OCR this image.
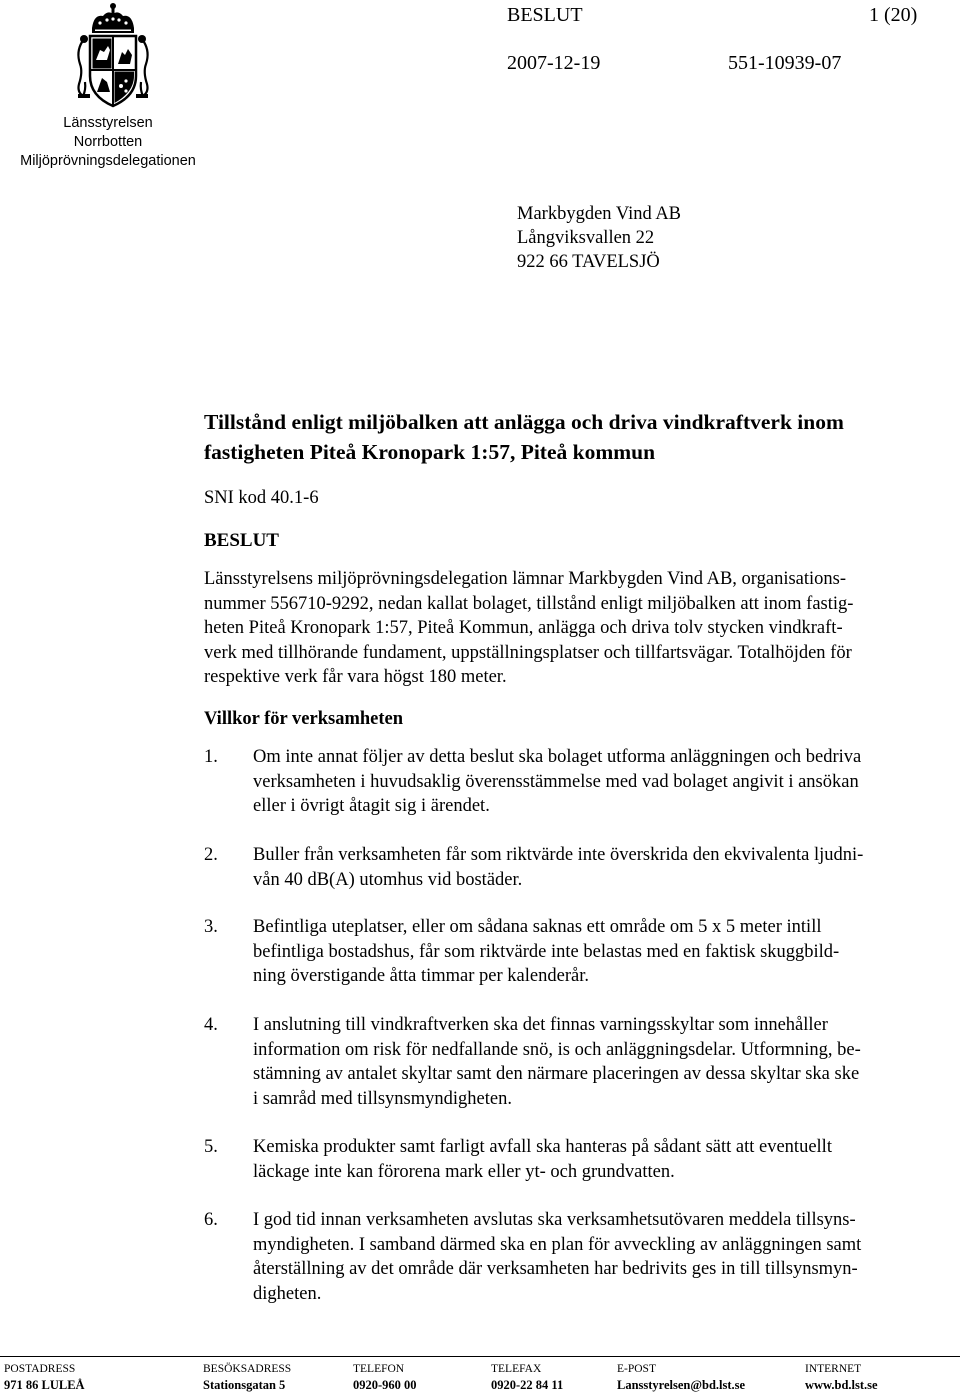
Länsstyrelsen
Norrbotten
Miljöprövningsdelegationen
BESLUT	1 (20)
2007-12-19	551-10939-07
Markbygden Vind AB
Långviksvallen 22
922 66 TAVELSJÖ
Tillstånd enligt miljöbalken att anlägga och driva vindkraftverk inom
fastigheten Piteå Kronopark 1:57, Piteå kommun
SNI kod 40.1-6
BESLUT
Länsstyrelsens miljöprövningsdelegation lämnar Markbygden Vind AB, organisations-
nummer 556710-9292, nedan kallat bolaget, tillstånd enligt miljöbalken att inom fastig-
heten Piteå Kronopark 1:57, Piteå Kommun, anlägga och driva tolv stycken vindkraft-
verk med tillhörande fundament, uppställningsplatser och tillfartsvägar. Totalhöjden för
respektive verk får vara högst 180 meter.
Villkor för verksamheten
1. Om inte annat följer av detta beslut ska bolaget utforma anläggningen och bedriva
verksamheten i huvudsaklig överensstämmelse med vad bolaget angivit i ansökan
eller i övrigt åtagit sig i ärendet.
2. Buller från verksamheten får som riktvärde inte överskrida den ekvivalenta ljudni-
vån 40 dB(A) utomhus vid bostäder.
3. Befintliga uteplatser, eller om sådana saknas ett område om 5 x 5 meter intill
befintliga bostadshus, får som riktvärde inte belastas med en faktisk skuggbild-
ning överstigande åtta timmar per kalenderår.
4. I anslutning till vindkraftverken ska det finnas varningsskyltar som innehåller
information om risk för nedfallande snö, is och anläggningsdelar. Utformning, be-
stämning av antalet skyltar samt den närmare placeringen av dessa skyltar ska ske
i samråd med tillsynsmyndigheten.
5. Kemiska produkter samt farligt avfall ska hanteras på sådant sätt att eventuellt
läckage inte kan förorena mark eller yt- och grundvatten.
6. I god tid innan verksamheten avslutas ska verksamhetsutövaren meddela tillsyns-
myndigheten. I samband därmed ska en plan för avveckling av anläggningen samt
återställning av det område där verksamheten har bedrivits ges in till tillsynsmyn-
digheten.
POSTADRESS
971 86 LULEÅ
BESÖKSADRESS
Stationsgatan 5
TELEFON
0920-960 00
TELEFAX
0920-22 84 11
E-POST
Lansstyrelsen@bd.lst.se
INTERNET
www.bd.lst.se
